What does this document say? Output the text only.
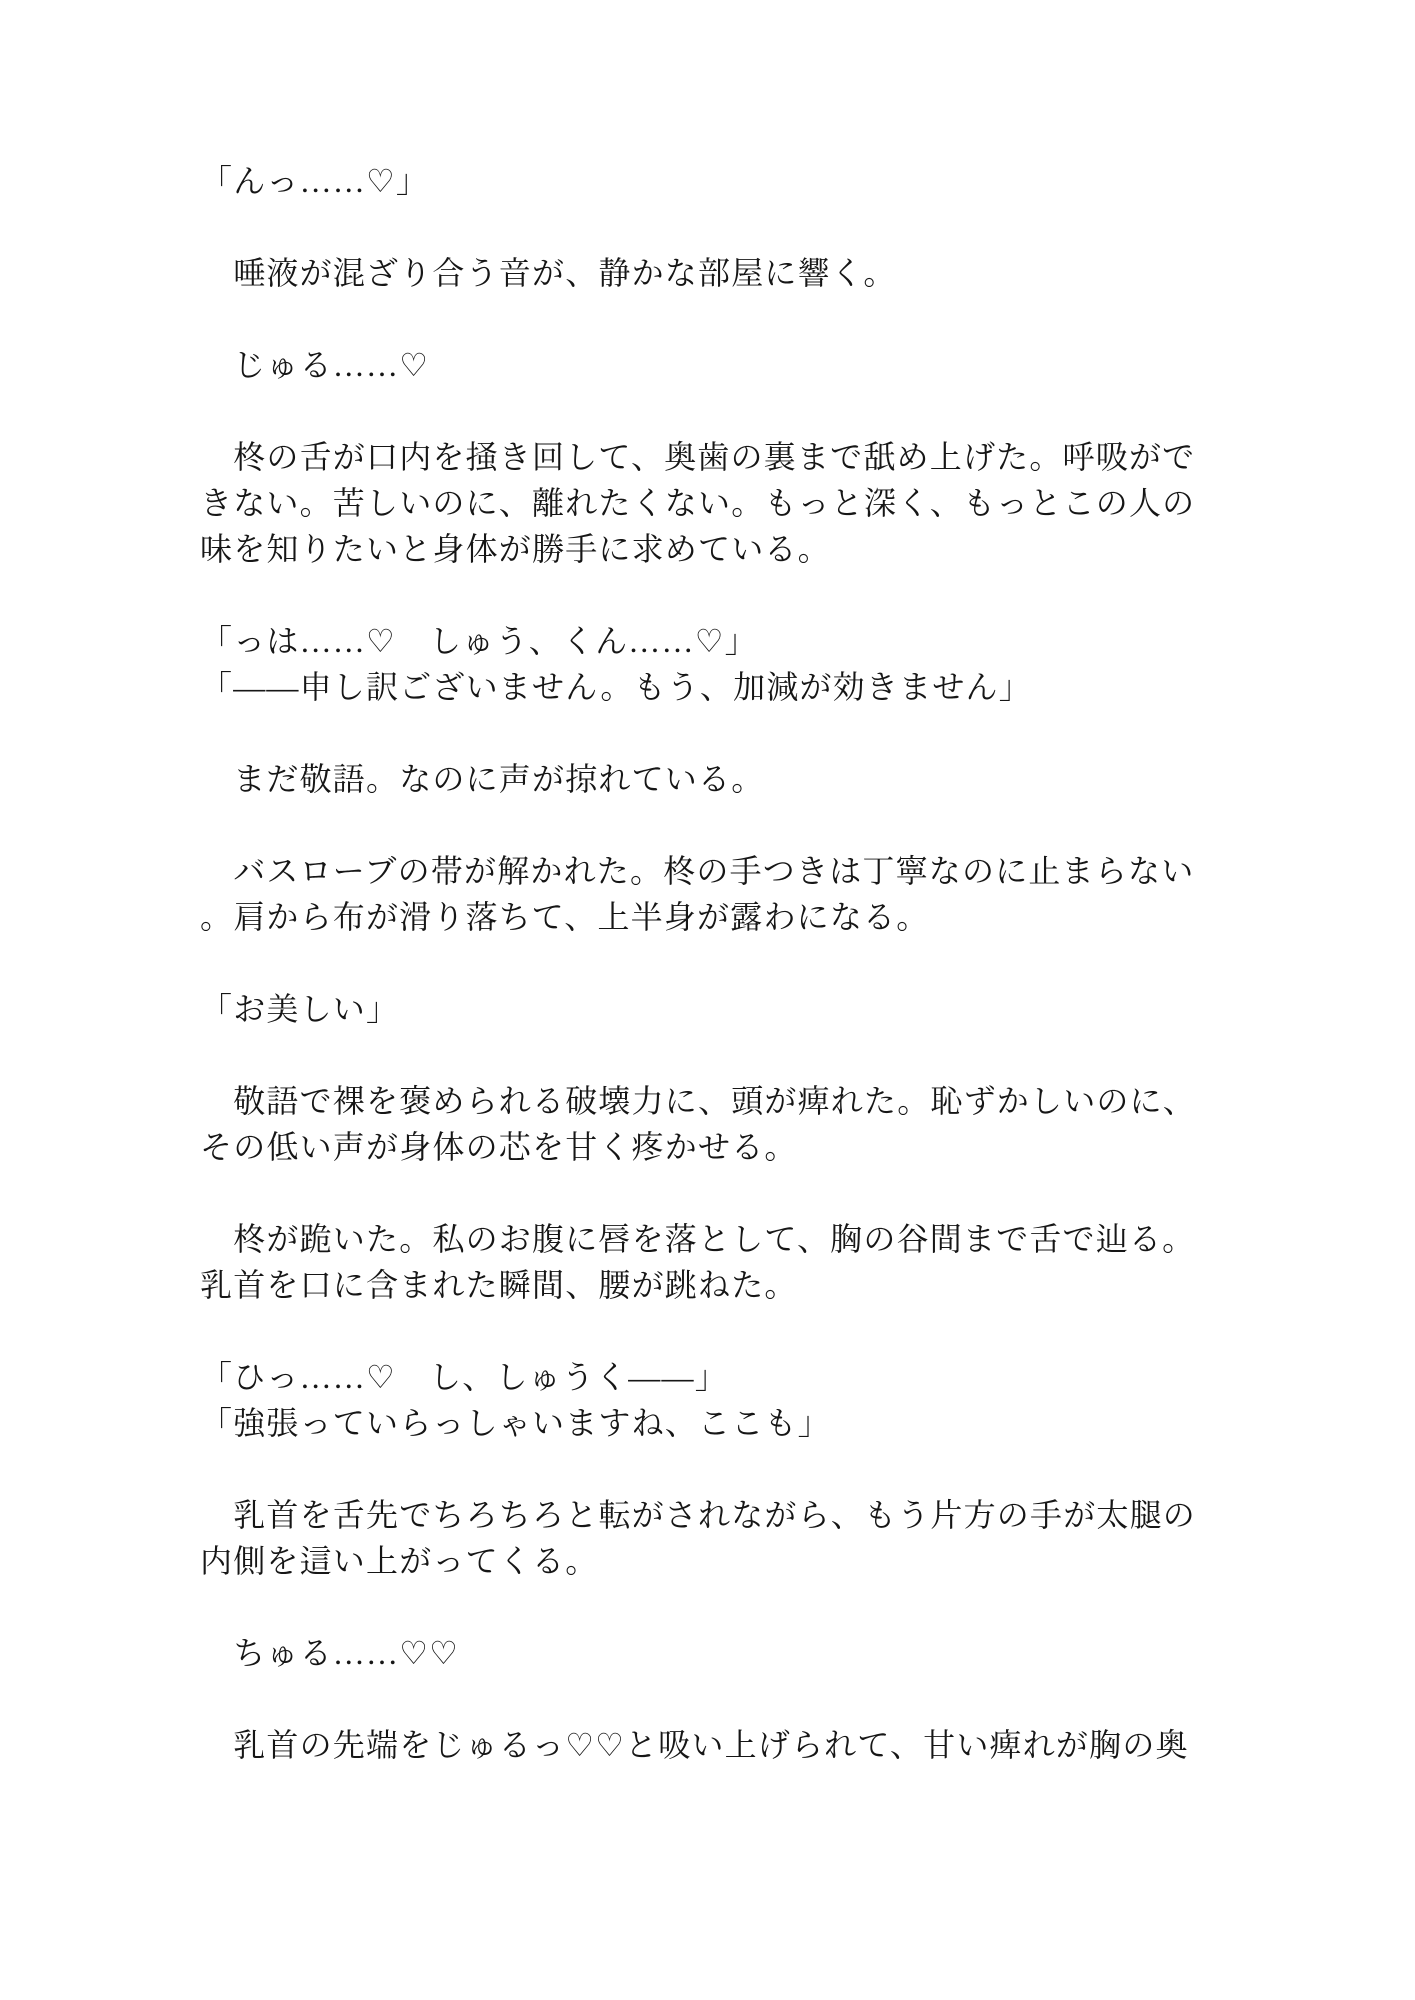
「んっ……♡」
　唾液が混ざり合う音が、静かな部屋に響く。
　じゅる……♡
　柊の舌が口内を掻き回して、奥歯の裏まで舐め上げた。呼吸がで
きない。苦しいのに、離れたくない。もっと深く、もっとこの人の
味を知りたいと身体が勝手に求めている。
「っは……♡　しゅう、くん……♡」
「——申し訳ございません。もう、加減が効きません」
　まだ敬語。なのに声が掠れている。
　バスローブの帯が解かれた。柊の手つきは丁寧なのに止まらない
。肩から布が滑り落ちて、上半身が露わになる。
「お美しい」
　敬語で裸を褒められる破壊力に、頭が痺れた。恥ずかしいのに、
その低い声が身体の芯を甘く疼かせる。
　柊が跪いた。私のお腹に唇を落として、胸の谷間まで舌で辿る。
乳首を口に含まれた瞬間、腰が跳ねた。
「ひっ……♡　し、しゅうく——」
「強張っていらっしゃいますね、ここも」
　乳首を舌先でちろちろと転がされながら、もう片方の手が太腿の
内側を這い上がってくる。
　ちゅる……♡♡
　乳首の先端をじゅるっ♡♡と吸い上げられて、甘い痺れが胸の奥
